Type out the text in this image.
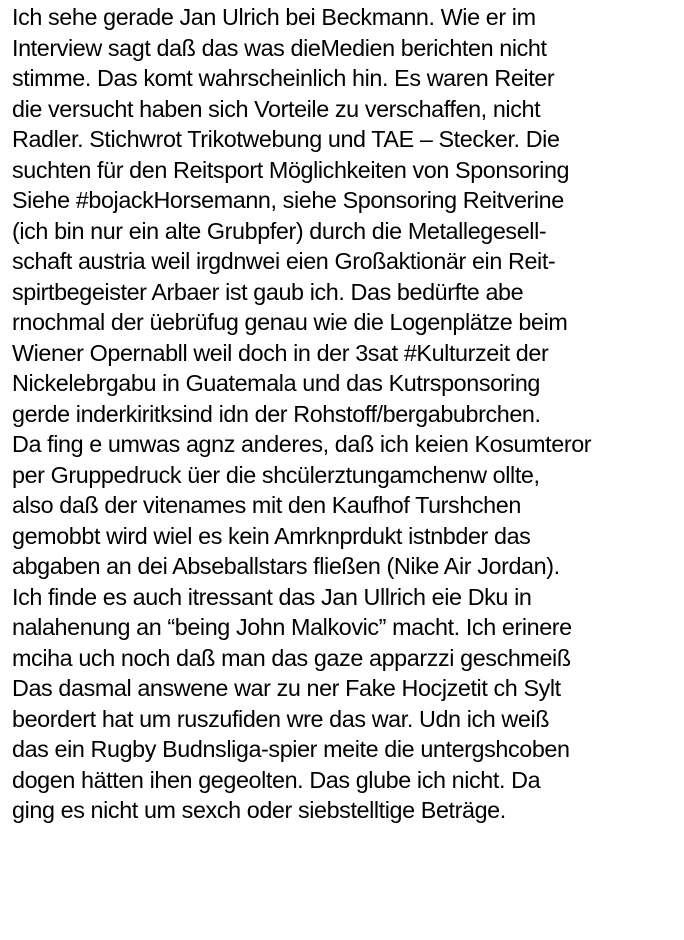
Ich sehe gerade Jan Ulrich bei Beckmann. Wie er im
Interview sagt daß das was dieMedien berichten nicht
stimme. Das komt wahrscheinlich hin. Es waren Reiter
die versucht haben sich Vorteile zu verschaffen, nicht
Radler. Stichwrot Trikotwebung und TAE – Stecker. Die
suchten für den Reitsport Möglichkeiten von Sponsoring
Siehe #bojackHorsemann, siehe Sponsoring Reitverine
(ich bin nur ein alte Grubpfer) durch die Metallegesell-
schaft austria weil irgdnwei eien Großaktionär ein Reit-
spirtbegeister Arbaer ist gaub ich. Das bedürfte abe
rnochmal der üebrüfug genau wie die Logenplätze beim
Wiener Opernabll weil doch in der 3sat #Kulturzeit der
Nickelebrgabu in Guatemala und das Kutrsponsoring
gerde inderkiritksind idn der Rohstoff/bergabubrchen.
Da fing e umwas agnz anderes, daß ich keien Kosumteror
per Gruppedruck üer die shcülerztungamchenw ollte,
also daß der vitenames mit den Kaufhof Turshchen
gemobbt wird wiel es kein Amrknprdukt istnbder das
abgaben an dei Abseballstars fließen (Nike Air Jordan).
Ich finde es auch itressant das Jan Ullrich eie Dku in
nalahenung an “being John Malkovic” macht. Ich erinere
mciha uch noch daß man das gaze apparzzi geschmeiß
Das dasmal answene war zu ner Fake Hocjzetit ch Sylt
beordert hat um ruszufiden wre das war. Udn ich weiß
das ein Rugby Budnsliga-spier meite die untergshcoben
dogen hätten ihen gegeolten. Das glube ich nicht. Da
ging es nicht um sexch oder siebstelltige Beträge.
